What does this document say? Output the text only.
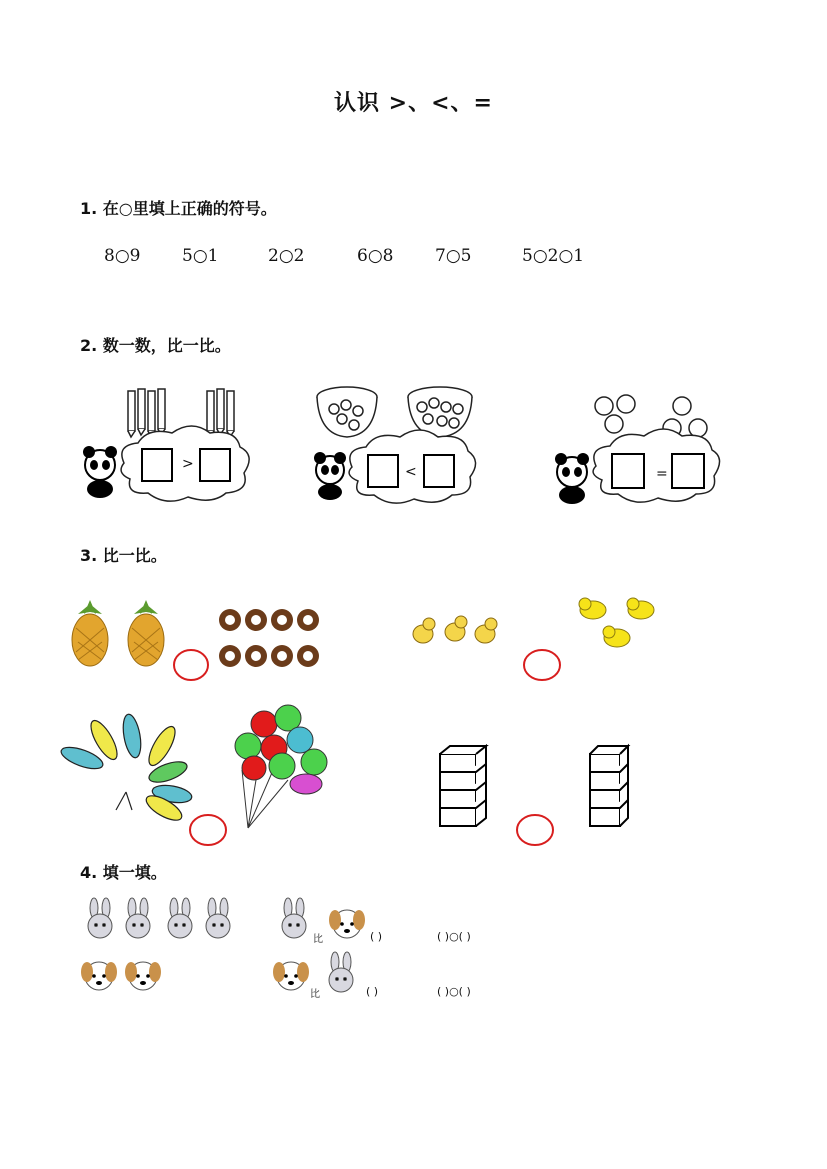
认识 >、<、=
1. 在○里填上正确的符号。
8○9 5○1	2○2	6○8 7○5	5○2○1
2. 数一数，比一比。
>	<	=
3. 比一比。
4. 填一填。
比	( )	( )○( )
比	( )	( )○( )
